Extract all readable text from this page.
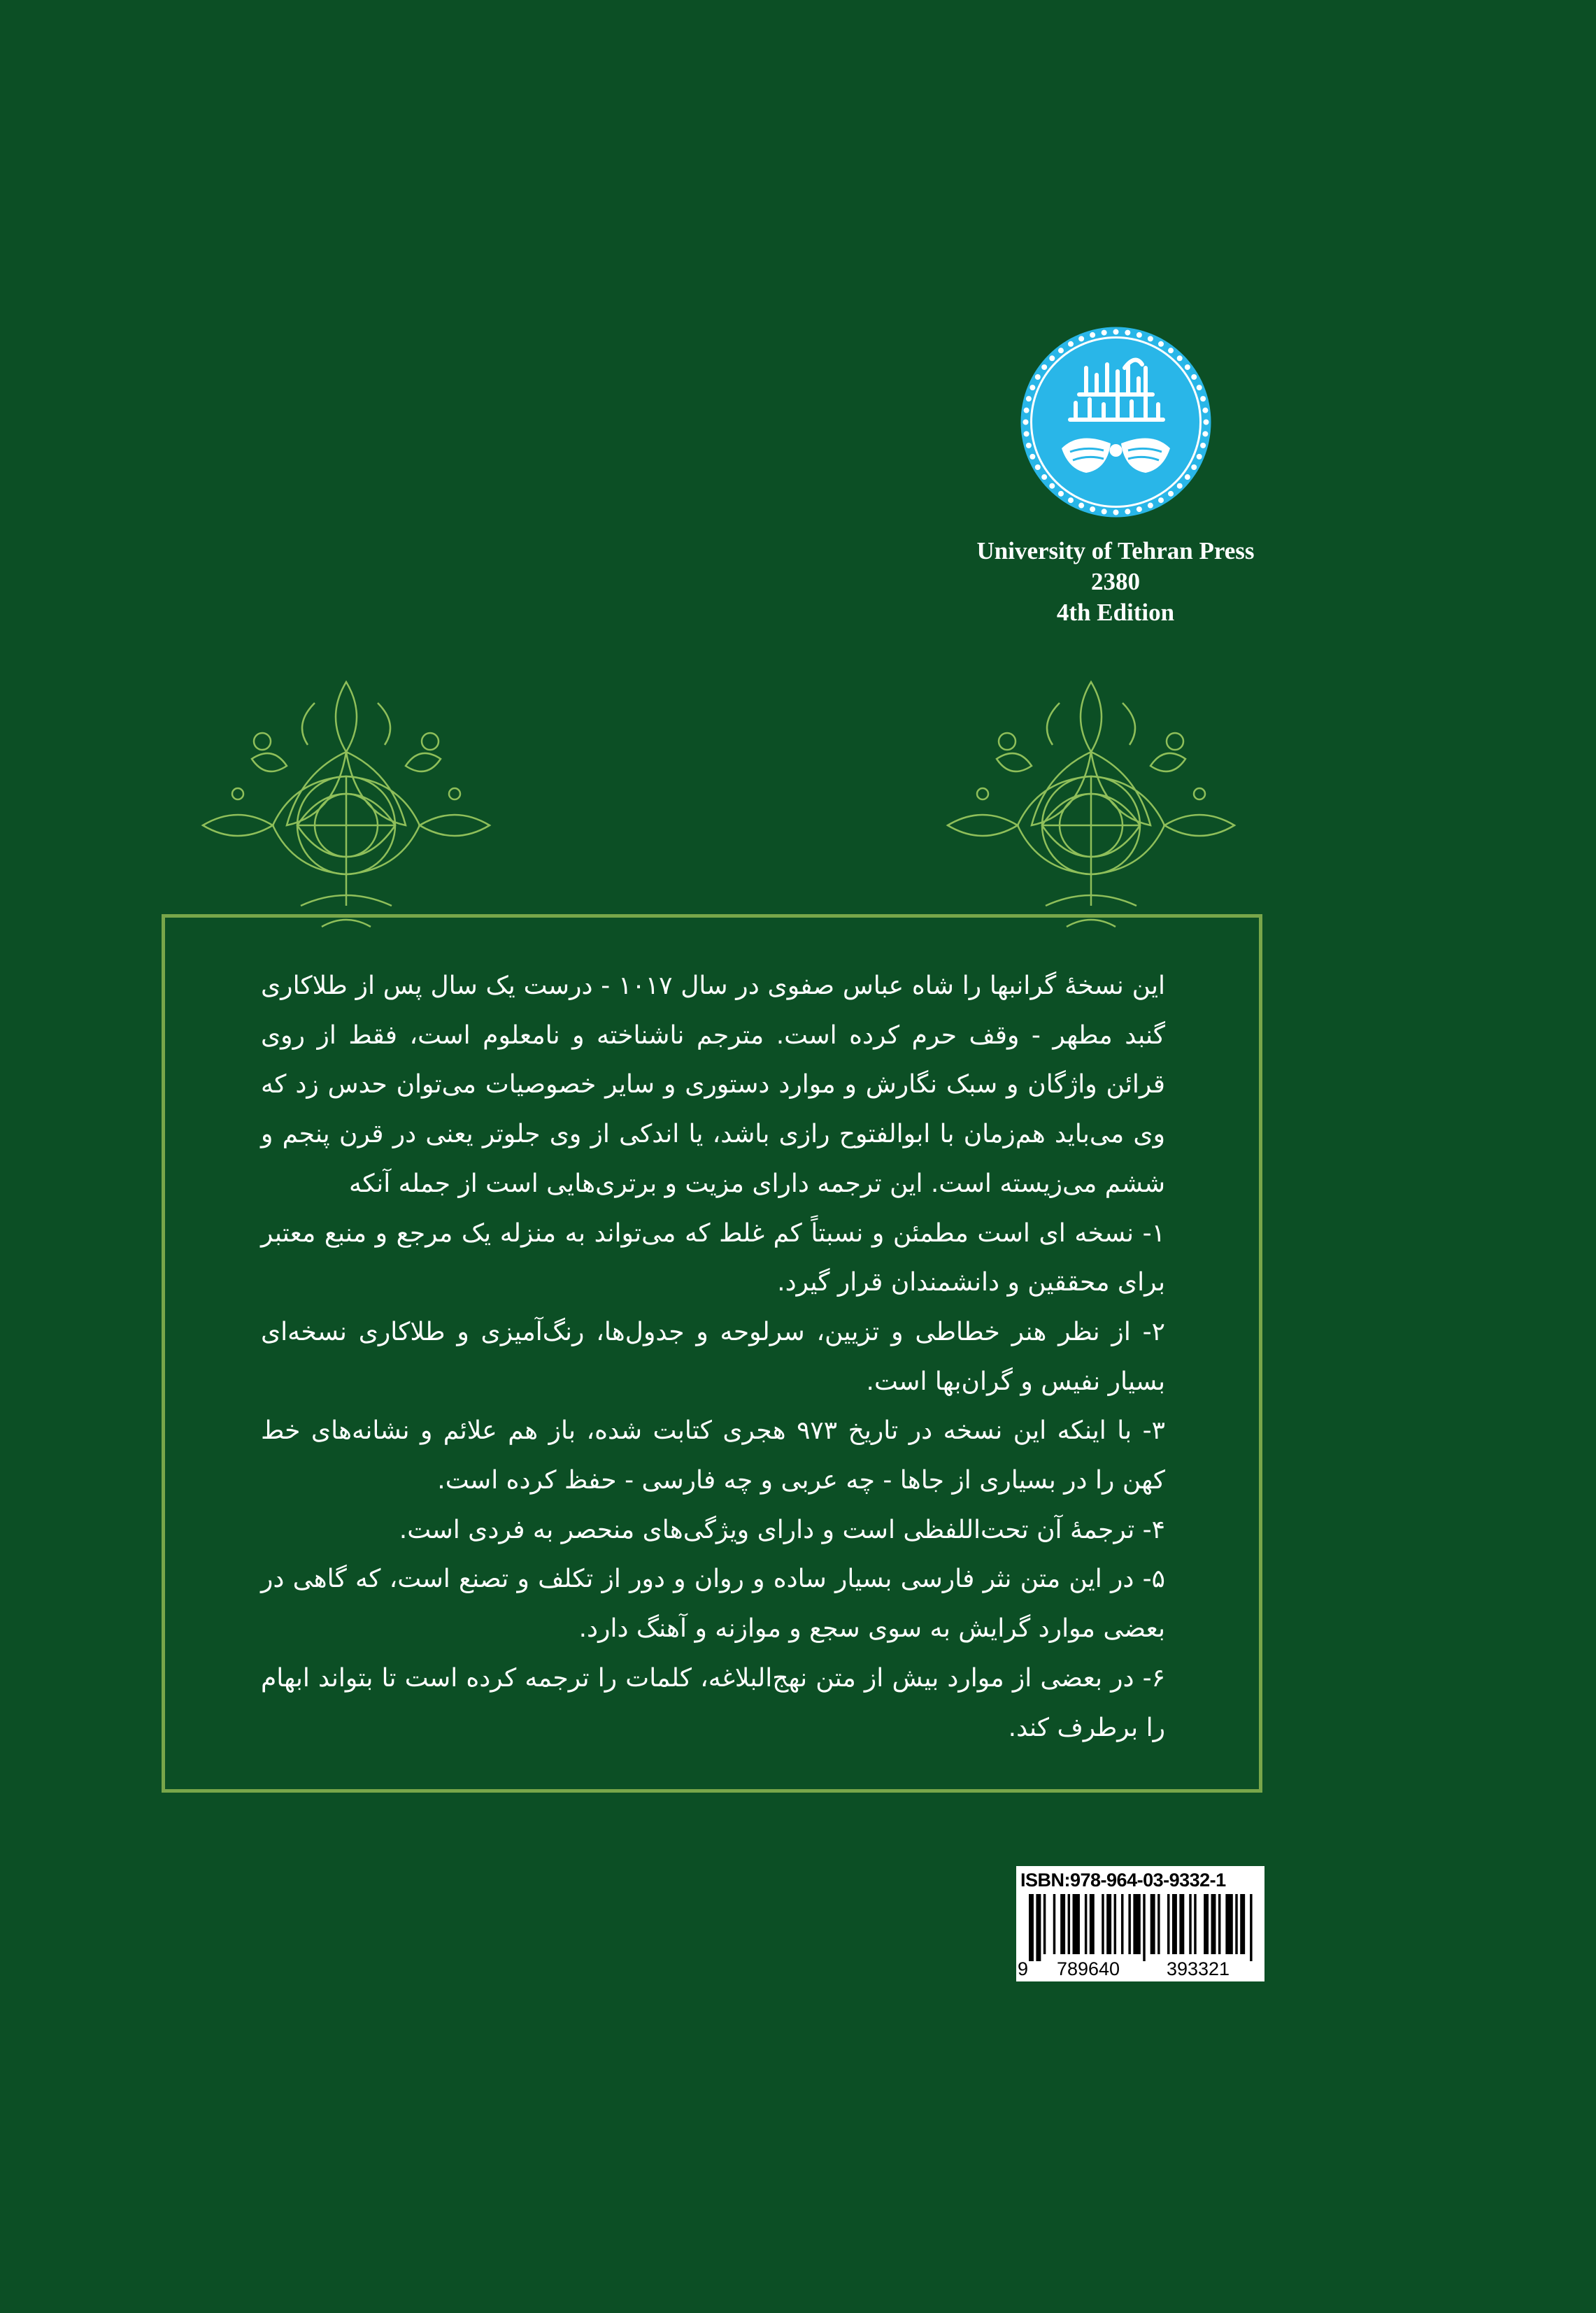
University of Tehran Press
2380
4th Edition

این نسخهٔ گرانبها را شاه عباس صفوی در سال ۱۰۱۷ - درست یک سال پس از طلاکاری گنبد مطهر - وقف حرم کرده است. مترجم ناشناخته و نامعلوم است، فقط از روی قرائن واژگان و سبک نگارش و موارد دستوری و سایر خصوصیات می‌توان حدس زد که وی می‌باید هم‌زمان با ابوالفتوح رازی باشد، یا اندکی از وی جلوتر یعنی در قرن پنجم و ششم می‌زیسته است. این ترجمه دارای مزیت و برتری‌هایی است از جمله آنکه

۱- نسخه ای است مطمئن و نسبتاً کم غلط که می‌تواند به منزله یک مرجع و منبع معتبر برای محققین و دانشمندان قرار گیرد.

۲- از نظر هنر خطاطی و تزیین، سرلوحه و جدول‌ها، رنگ‌آمیزی و طلاکاری نسخه‌ای بسیار نفیس و گران‌بها است.

۳- با اینکه این نسخه در تاریخ ۹۷۳ هجری کتابت شده، باز هم علائم و نشانه‌های خط کهن را در بسیاری از جاها - چه عربی و چه فارسی - حفظ کرده است.

۴- ترجمهٔ آن تحت‌اللفظی است و دارای ویژگی‌های منحصر به فردی است.

۵- در این متن نثر فارسی بسیار ساده و روان و دور از تکلف و تصنع است، که گاهی در بعضی موارد گرایش به سوی سجع و موازنه و آهنگ دارد.

۶- در بعضی از موارد بیش از متن نهج‌البلاغه، کلمات را ترجمه کرده است تا بتواند ابهام را برطرف کند.

ISBN:978-964-03-9332-1
9	789640	393321
